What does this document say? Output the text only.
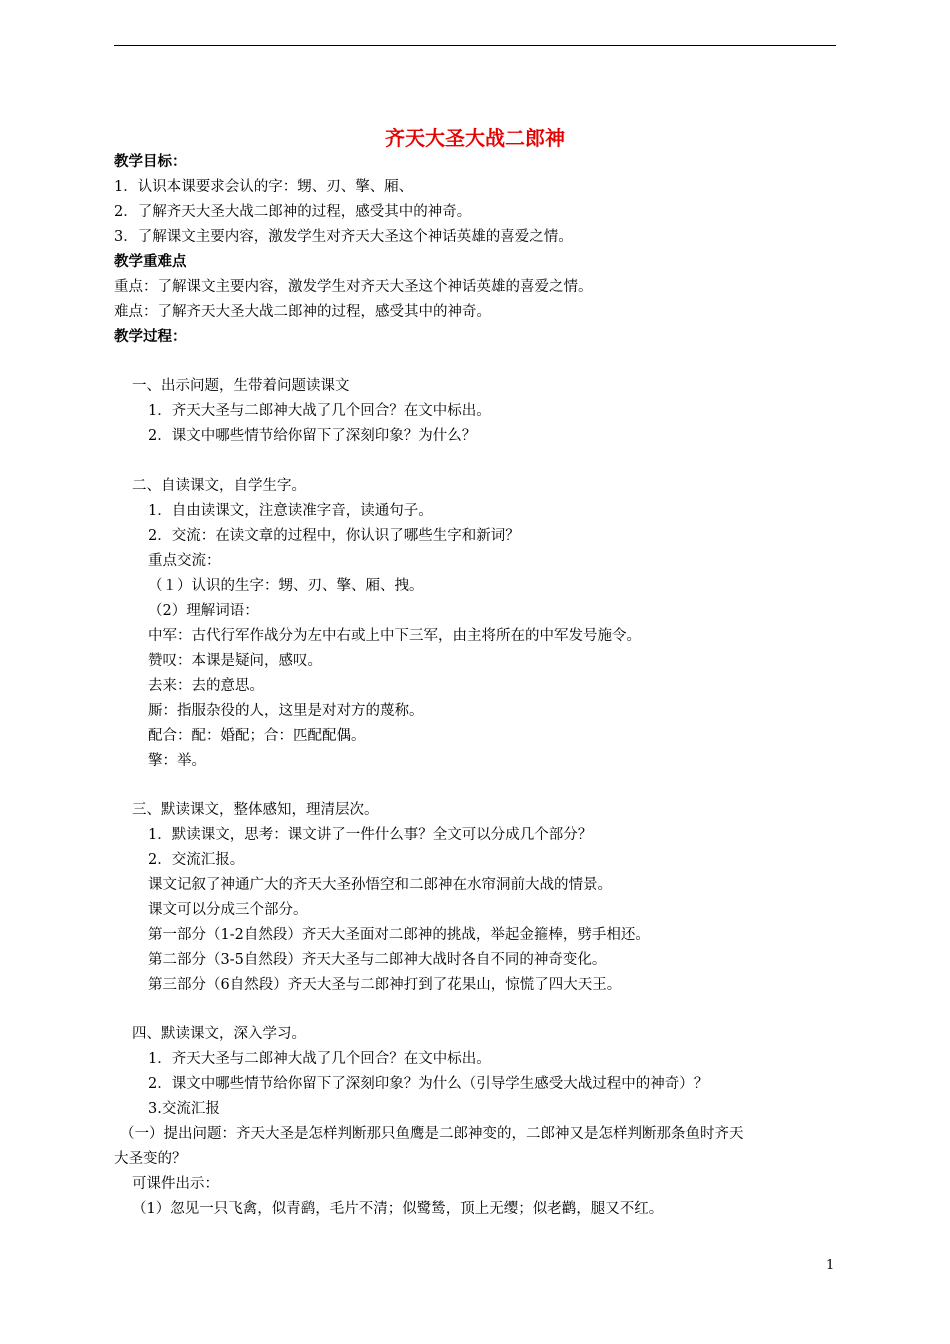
齐天大圣大战二郎神
教学目标：
1．认识本课要求会认的字：甥、刃、擎、厢、
2．了解齐天大圣大战二郎神的过程，感受其中的神奇。
3．了解课文主要内容，激发学生对齐天大圣这个神话英雄的喜爱之情。
教学重难点
重点：了解课文主要内容，激发学生对齐天大圣这个神话英雄的喜爱之情。
难点：了解齐天大圣大战二郎神的过程，感受其中的神奇。
教学过程：
一、出示问题，生带着问题读课文
1．齐天大圣与二郎神大战了几个回合？在文中标出。
2．课文中哪些情节给你留下了深刻印象？为什么？
二、自读课文，自学生字。
1．自由读课文，注意读准字音，读通句子。
2．交流：在读文章的过程中，你认识了哪些生字和新词？
重点交流：
（１）认识的生字：甥、刃、擎、厢、拽。
（2）理解词语：
中军：古代行军作战分为左中右或上中下三军，由主将所在的中军发号施令。
赞叹：本课是疑问，感叹。
去来：去的意思。
厮：指服杂役的人，这里是对对方的蔑称。
配合：配：婚配；合：匹配配偶。
擎：举。
三、默读课文，整体感知，理清层次。
1．默读课文，思考：课文讲了一件什么事？全文可以分成几个部分？
2．交流汇报。
课文记叙了神通广大的齐天大圣孙悟空和二郎神在水帘洞前大战的情景。
课文可以分成三个部分。
第一部分（1-2自然段）齐天大圣面对二郎神的挑战，举起金箍棒，劈手相还。
第二部分（3-5自然段）齐天大圣与二郎神大战时各自不同的神奇变化。
第三部分（6自然段）齐天大圣与二郎神打到了花果山，惊慌了四大天王。
四、默读课文，深入学习。
1．齐天大圣与二郎神大战了几个回合？在文中标出。
2．课文中哪些情节给你留下了深刻印象？为什么（引导学生感受大战过程中的神奇）？
3.交流汇报
（一）提出问题：齐天大圣是怎样判断那只鱼鹰是二郎神变的，二郎神又是怎样判断那条鱼时齐天
大圣变的？
可课件出示：
（1）忽见一只飞禽，似青鹞，毛片不清；似鹭鸶，顶上无缨；似老鹳，腿又不红。
1
